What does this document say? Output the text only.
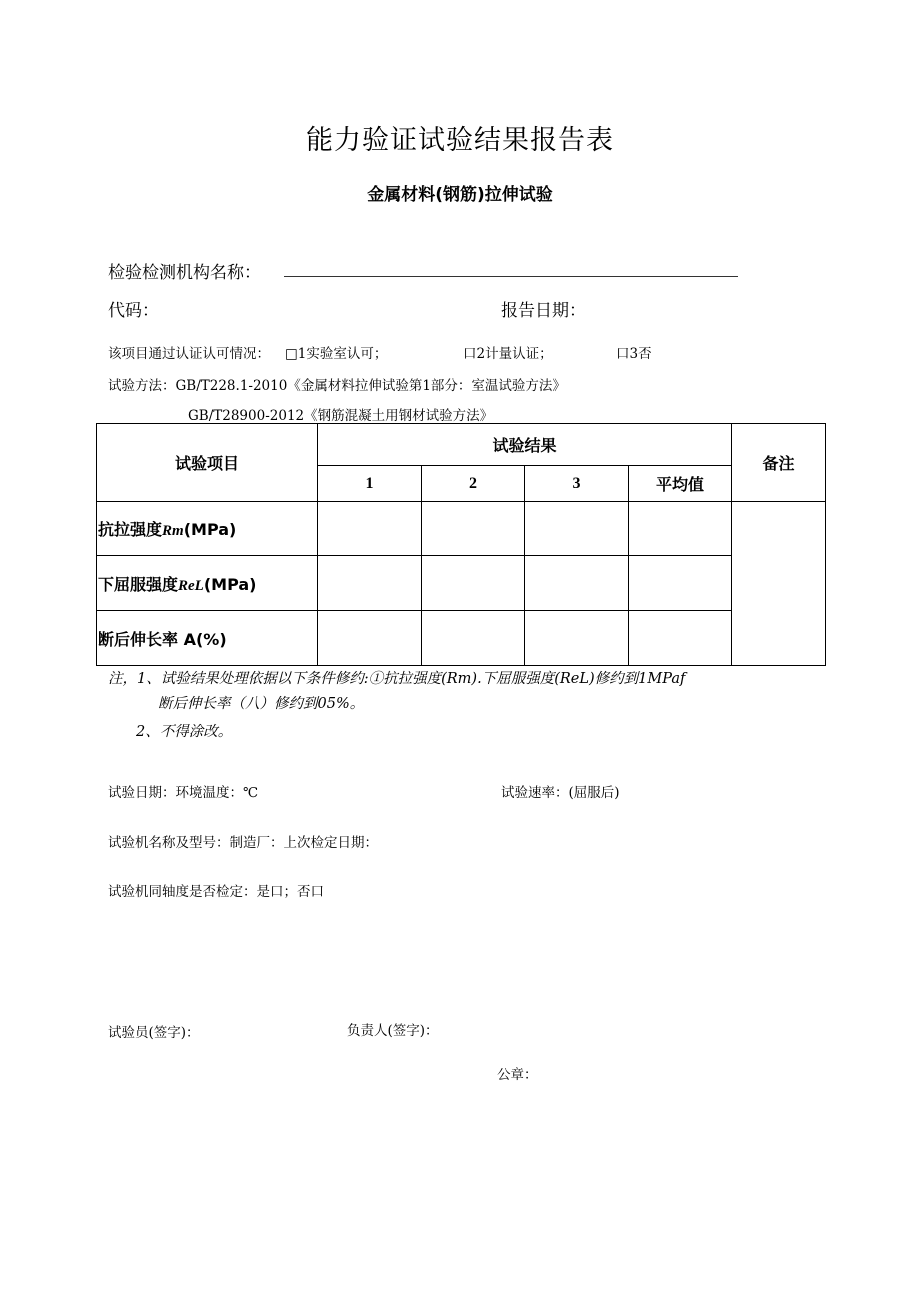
能力验证试验结果报告表
金属材料(钢筋)拉伸试验
检验检测机构名称：
代码：	报告日期：
该项目通过认证认可情况： □1实验室认可；	口2计量认证；	口3否
试验方法：GB/T228.1-2010《金属材料拉伸试验第1部分：室温试验方法》
GB/T28900-2012《钢筋混凝土用钢材试验方法》
试验项目	试验结果				备注
	1	2	3	平均值	
抗拉强度Rm(MPa)					
下屈服强度ReL(MPa)					
断后伸长率 A(%)					
注，1、试验结果处理依据以下条件修约:①抗拉强度(Rm).下屈服强度(ReL)修约到1MPaf
断后伸长率（八）修约到05%。
2、不得涂改。
试验日期：环境温度：℃	试验速率：(屈服后)
试验机名称及型号：制造厂：上次检定日期：
试验机同轴度是否检定：是口；否口
试验员(签字)：	负责人(签字)：
公章：
